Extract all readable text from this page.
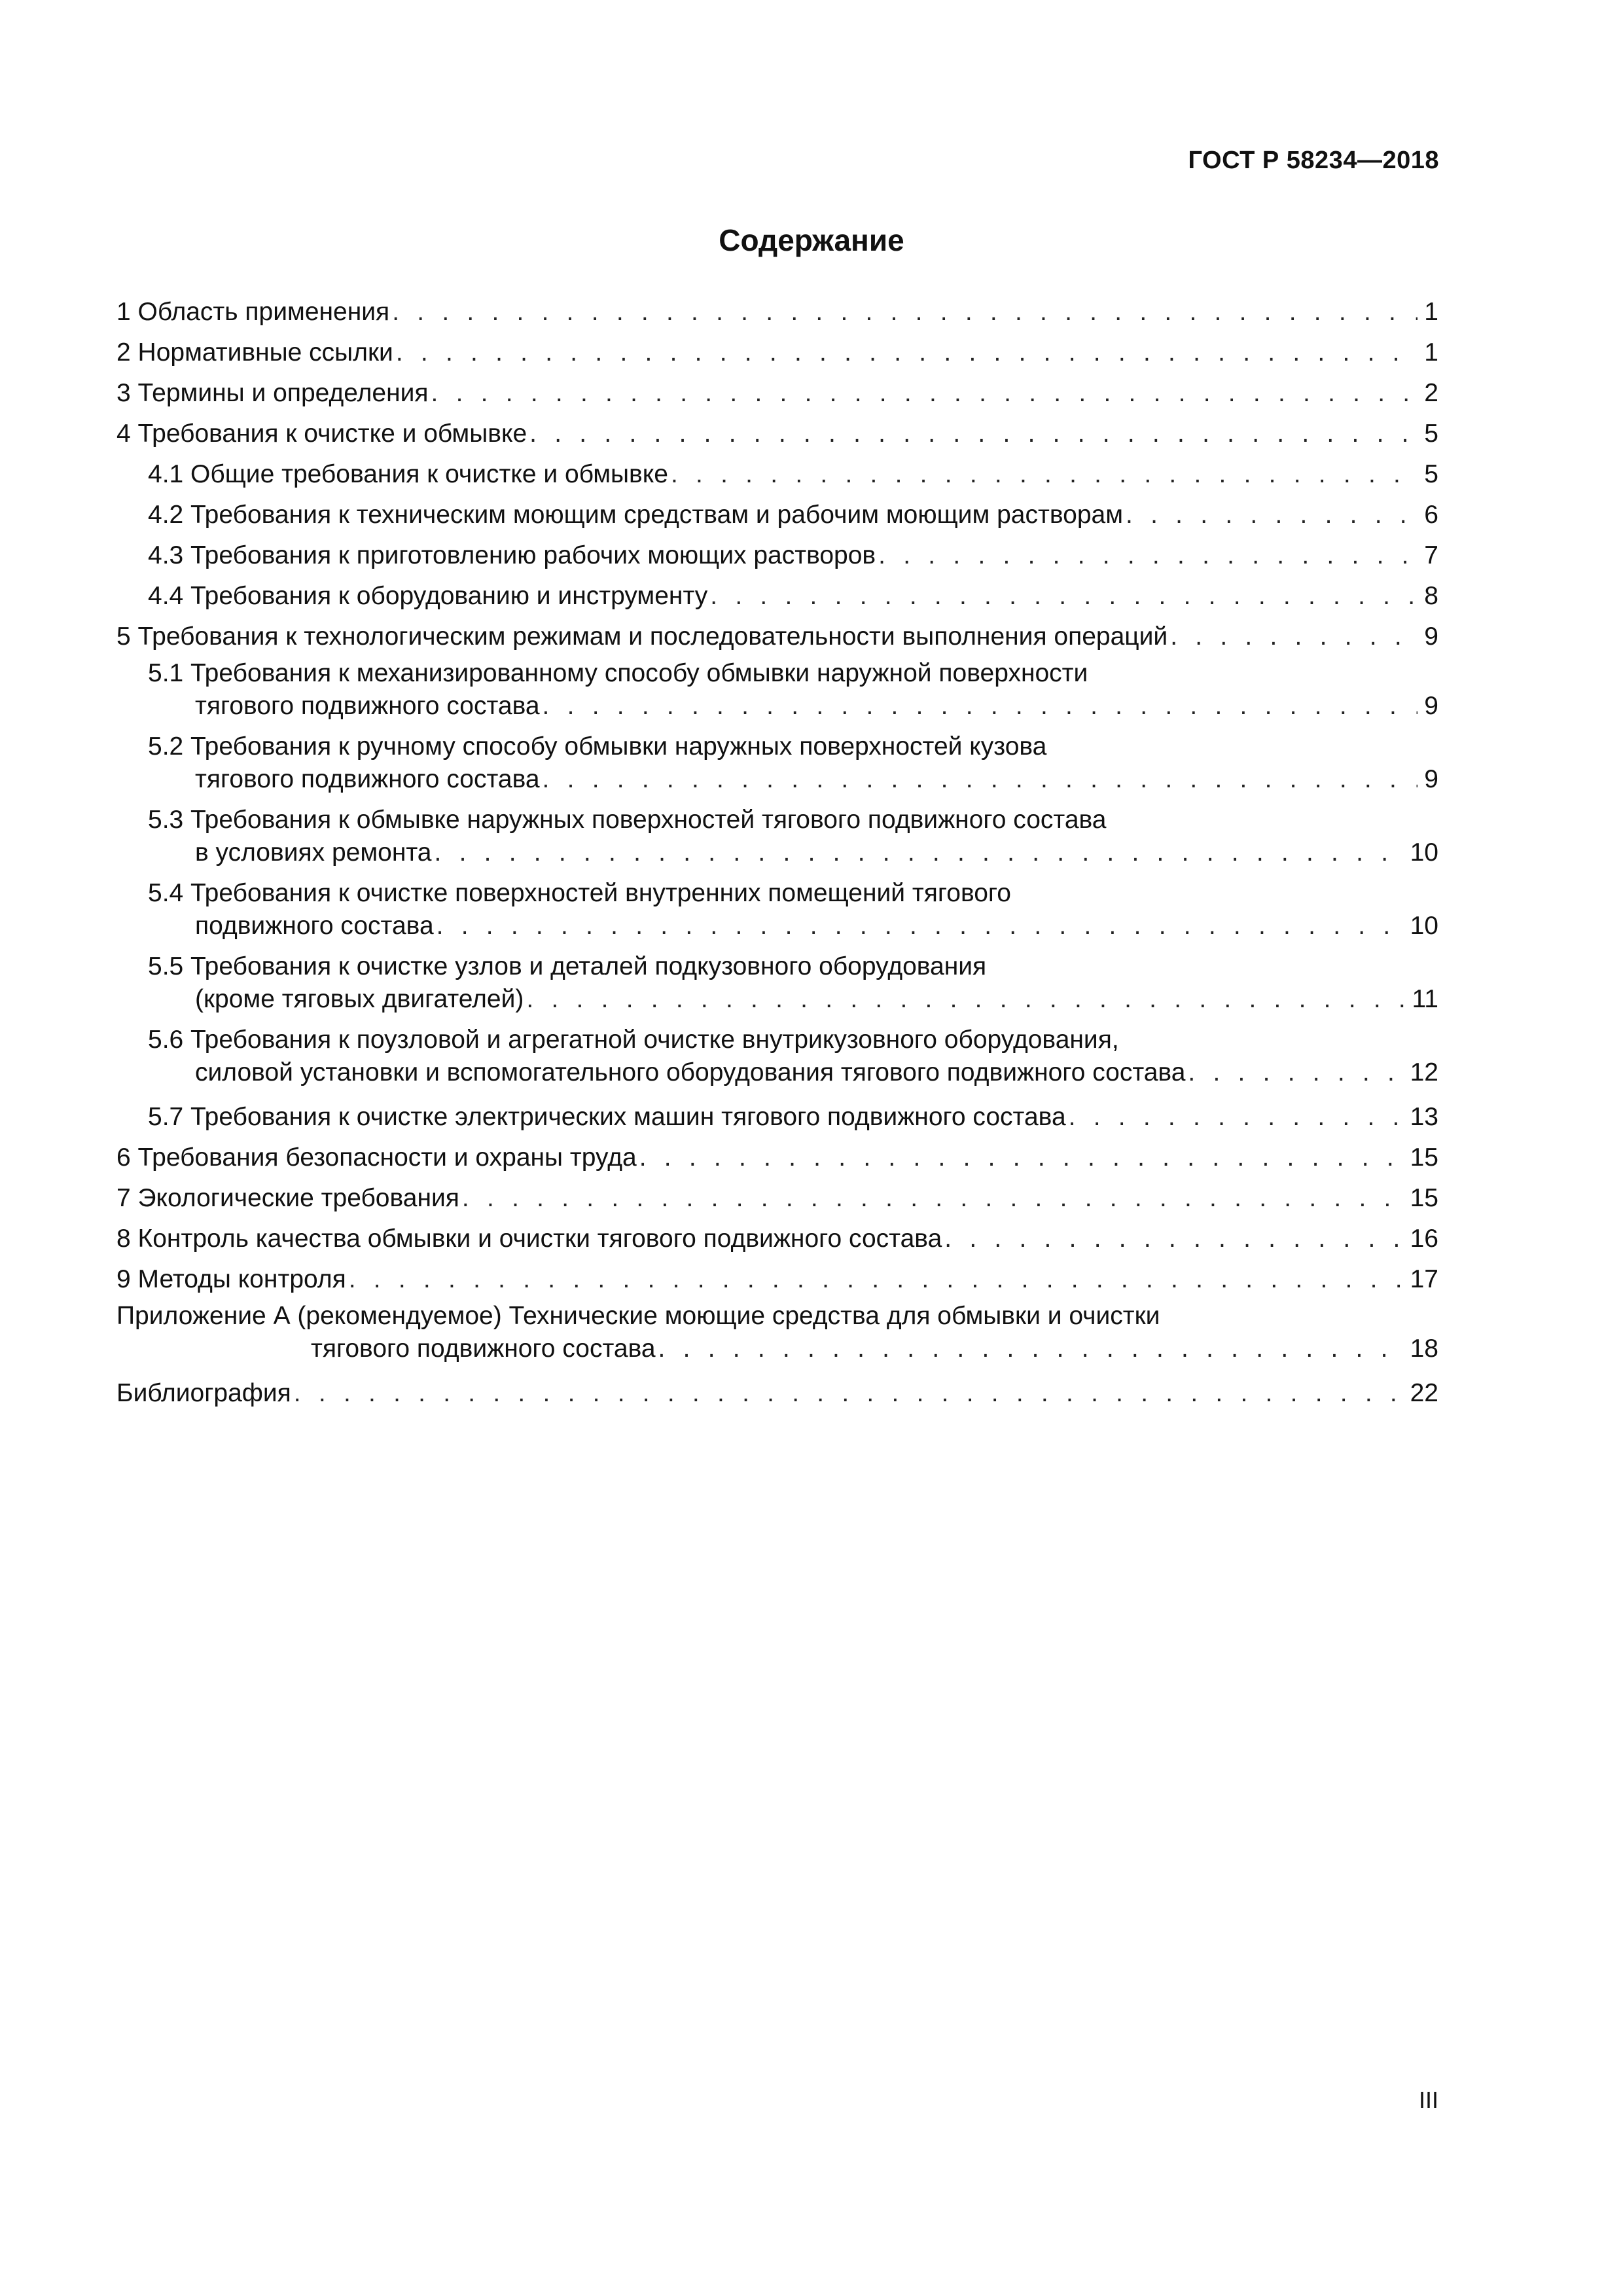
ГОСТ Р 58234—2018
Содержание
1 Область применения . . .	1
2 Нормативные ссылки . . .	1
3 Термины и определения . . .	2
4 Требования к очистке и обмывке . . .	5
4.1 Общие требования к очистке и обмывке . . .	5
4.2 Требования к техническим моющим средствам и рабочим моющим растворам . . .	6
4.3 Требования к приготовлению рабочих моющих растворов . . .	7
4.4 Требования к оборудованию и инструменту . . .	8
5 Требования к технологическим режимам и последовательности выполнения операций . . .	9
5.1 Требования к механизированному способу обмывки наружной поверхности
тягового подвижного состава . . .	9
5.2 Требования к ручному способу обмывки наружных поверхностей кузова
тягового подвижного состава . . .	9
5.3 Требования к обмывке наружных поверхностей тягового подвижного состава
в условиях ремонта . . .	10
5.4 Требования к очистке поверхностей внутренних помещений тягового
подвижного состава . . .	10
5.5 Требования к очистке узлов и деталей подкузовного оборудования
(кроме тяговых двигателей) . . .	11
5.6 Требования к поузловой и агрегатной очистке внутрикузовного оборудования,
силовой установки и вспомогательного оборудования тягового подвижного состава . . .	12
5.7 Требования к очистке электрических машин тягового подвижного состава . . .	13
6 Требования безопасности и охраны труда . . .	15
7 Экологические требования . . .	15
8 Контроль качества обмывки и очистки тягового подвижного состава . . .	16
9 Методы контроля . . .	17
Приложение А (рекомендуемое) Технические моющие средства для обмывки и очистки
тягового подвижного состава . . .	18
Библиография . . .	22
III
